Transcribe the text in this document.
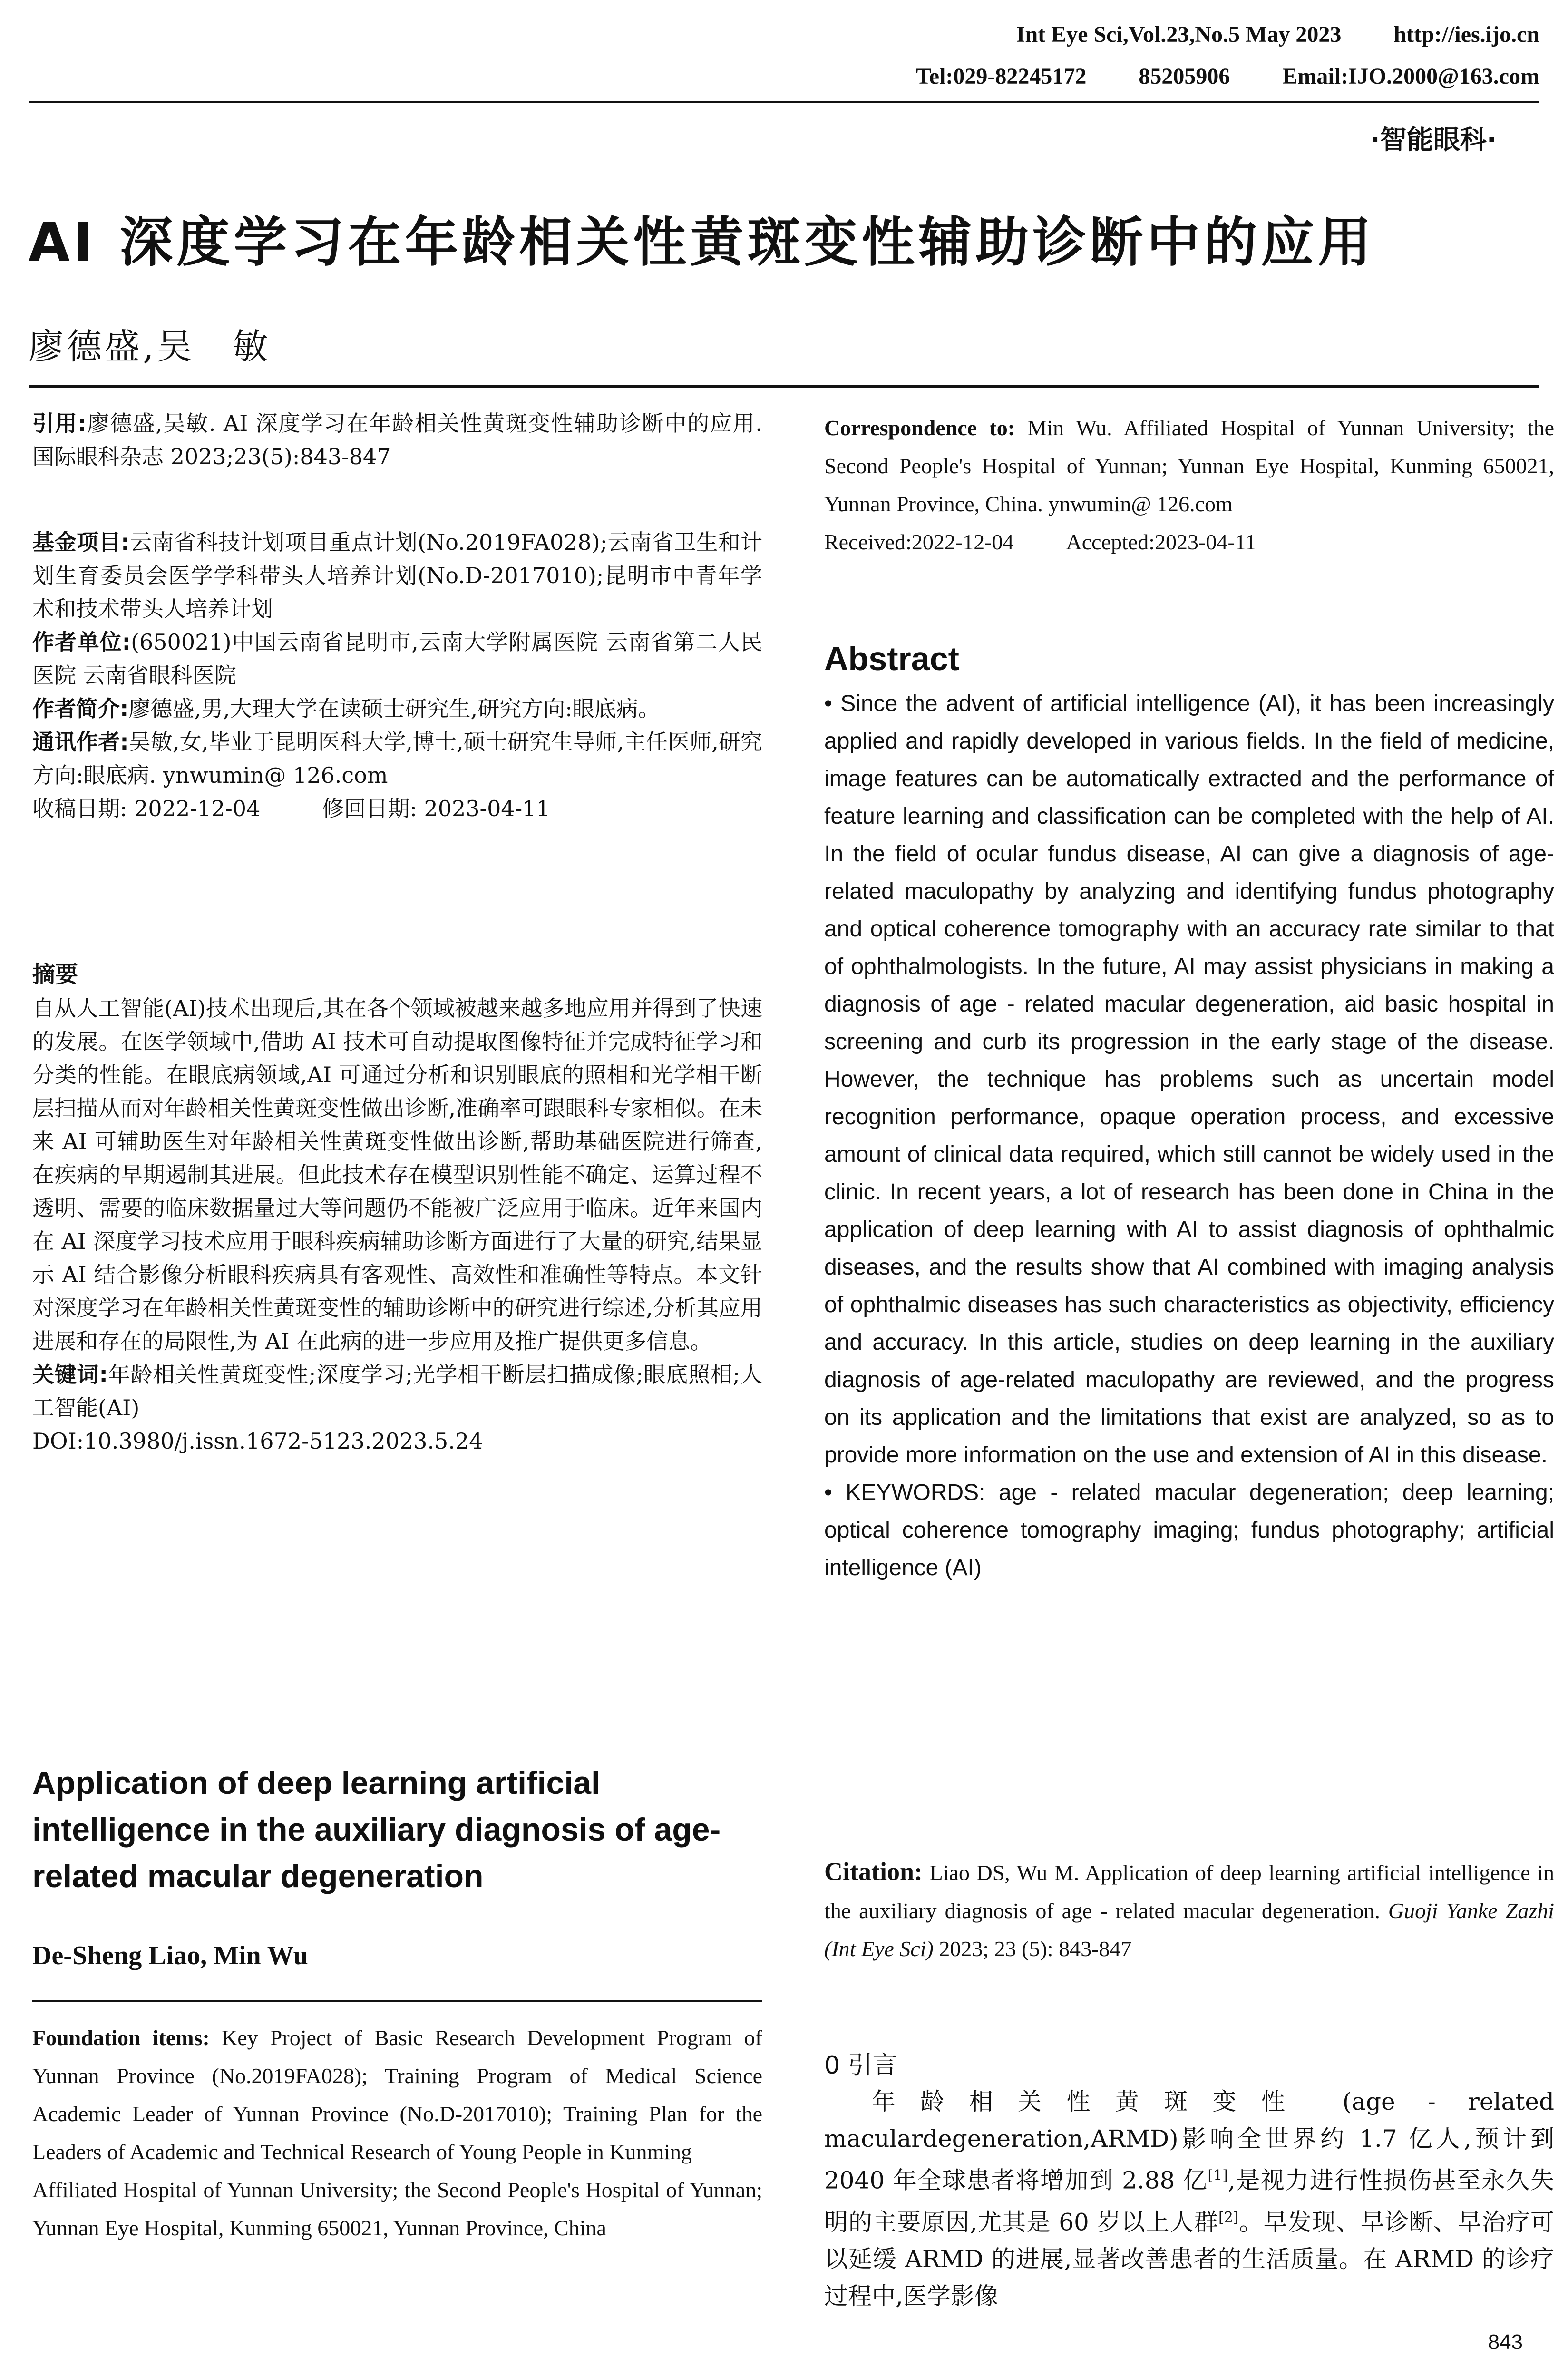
Int Eye Sci,Vol.23,No.5 May 2023 http://ies.ijo.cn
Tel:029-82245172 85205906 Email:IJO.2000@163.com
·智能眼科·
AI 深度学习在年龄相关性黄斑变性辅助诊断中的应用
廖德盛,吴　敏
引用:廖德盛,吴敏. AI 深度学习在年龄相关性黄斑变性辅助诊断中的应用. 国际眼科杂志 2023;23(5):843-847

基金项目:云南省科技计划项目重点计划(No.2019FA028);云南省卫生和计划生育委员会医学学科带头人培养计划(No.D-2017010);昆明市中青年学术和技术带头人培养计划

作者单位:(650021)中国云南省昆明市,云南大学附属医院 云南省第二人民医院 云南省眼科医院

作者简介:廖德盛,男,大理大学在读硕士研究生,研究方向:眼底病。

通讯作者:吴敏,女,毕业于昆明医科大学,博士,硕士研究生导师,主任医师,研究方向:眼底病. ynwumin@ 126.com

收稿日期: 2022-12-04	修回日期: 2023-04-11

摘要

自从人工智能(AI)技术出现后,其在各个领域被越来越多地应用并得到了快速的发展。在医学领域中,借助 AI 技术可自动提取图像特征并完成特征学习和分类的性能。在眼底病领域,AI 可通过分析和识别眼底的照相和光学相干断层扫描从而对年龄相关性黄斑变性做出诊断,准确率可跟眼科专家相似。在未来 AI 可辅助医生对年龄相关性黄斑变性做出诊断,帮助基础医院进行筛查,在疾病的早期遏制其进展。但此技术存在模型识别性能不确定、运算过程不透明、需要的临床数据量过大等问题仍不能被广泛应用于临床。近年来国内在 AI 深度学习技术应用于眼科疾病辅助诊断方面进行了大量的研究,结果显示 AI 结合影像分析眼科疾病具有客观性、高效性和准确性等特点。本文针对深度学习在年龄相关性黄斑变性的辅助诊断中的研究进行综述,分析其应用进展和存在的局限性,为 AI 在此病的进一步应用及推广提供更多信息。

关键词:年龄相关性黄斑变性;深度学习;光学相干断层扫描成像;眼底照相;人工智能(AI)

DOI:10.3980/j.issn.1672-5123.2023.5.24

Application of deep learning artificial intelligence in the auxiliary diagnosis of age-related macular degeneration
De-Sheng Liao, Min Wu

Foundation items: Key Project of Basic Research Development Program of Yunnan Province (No.2019FA028); Training Program of Medical Science Academic Leader of Yunnan Province (No.D-2017010); Training Plan for the Leaders of Academic and Technical Research of Young People in Kunming

Affiliated Hospital of Yunnan University; the Second People's Hospital of Yunnan; Yunnan Eye Hospital, Kunming 650021, Yunnan Province, China

Correspondence to: Min Wu. Affiliated Hospital of Yunnan University; the Second People's Hospital of Yunnan; Yunnan Eye Hospital, Kunming 650021, Yunnan Province, China. ynwumin@ 126.com

Received:2022-12-04 Accepted:2023-04-11

Abstract

• Since the advent of artificial intelligence (AI), it has been increasingly applied and rapidly developed in various fields. In the field of medicine, image features can be automatically extracted and the performance of feature learning and classification can be completed with the help of AI. In the field of ocular fundus disease, AI can give a diagnosis of age-related maculopathy by analyzing and identifying fundus photography and optical coherence tomography with an accuracy rate similar to that of ophthalmologists. In the future, AI may assist physicians in making a diagnosis of age - related macular degeneration, aid basic hospital in screening and curb its progression in the early stage of the disease. However, the technique has problems such as uncertain model recognition performance, opaque operation process, and excessive amount of clinical data required, which still cannot be widely used in the clinic. In recent years, a lot of research has been done in China in the application of deep learning with AI to assist diagnosis of ophthalmic diseases, and the results show that AI combined with imaging analysis of ophthalmic diseases has such characteristics as objectivity, efficiency and accuracy. In this article, studies on deep learning in the auxiliary diagnosis of age-related maculopathy are reviewed, and the progress on its application and the limitations that exist are analyzed, so as to provide more information on the use and extension of AI in this disease.

• KEYWORDS: age - related macular degeneration; deep learning; optical coherence tomography imaging; fundus photography; artificial intelligence (AI)

Citation: Liao DS, Wu M. Application of deep learning artificial intelligence in the auxiliary diagnosis of age - related macular degeneration. Guoji Yanke Zazhi (Int Eye Sci) 2023; 23 (5): 843-847
0 引言

年龄相关性黄斑变性 (age - related maculardegeneration,ARMD)影响全世界约 1.7 亿人,预计到 2040 年全球患者将增加到 2.88 亿[1],是视力进行性损伤甚至永久失明的主要原因,尤其是 60 岁以上人群[2]。早发现、早诊断、早治疗可以延缓 ARMD 的进展,显著改善患者的生活质量。在 ARMD 的诊疗过程中,医学影像

843
